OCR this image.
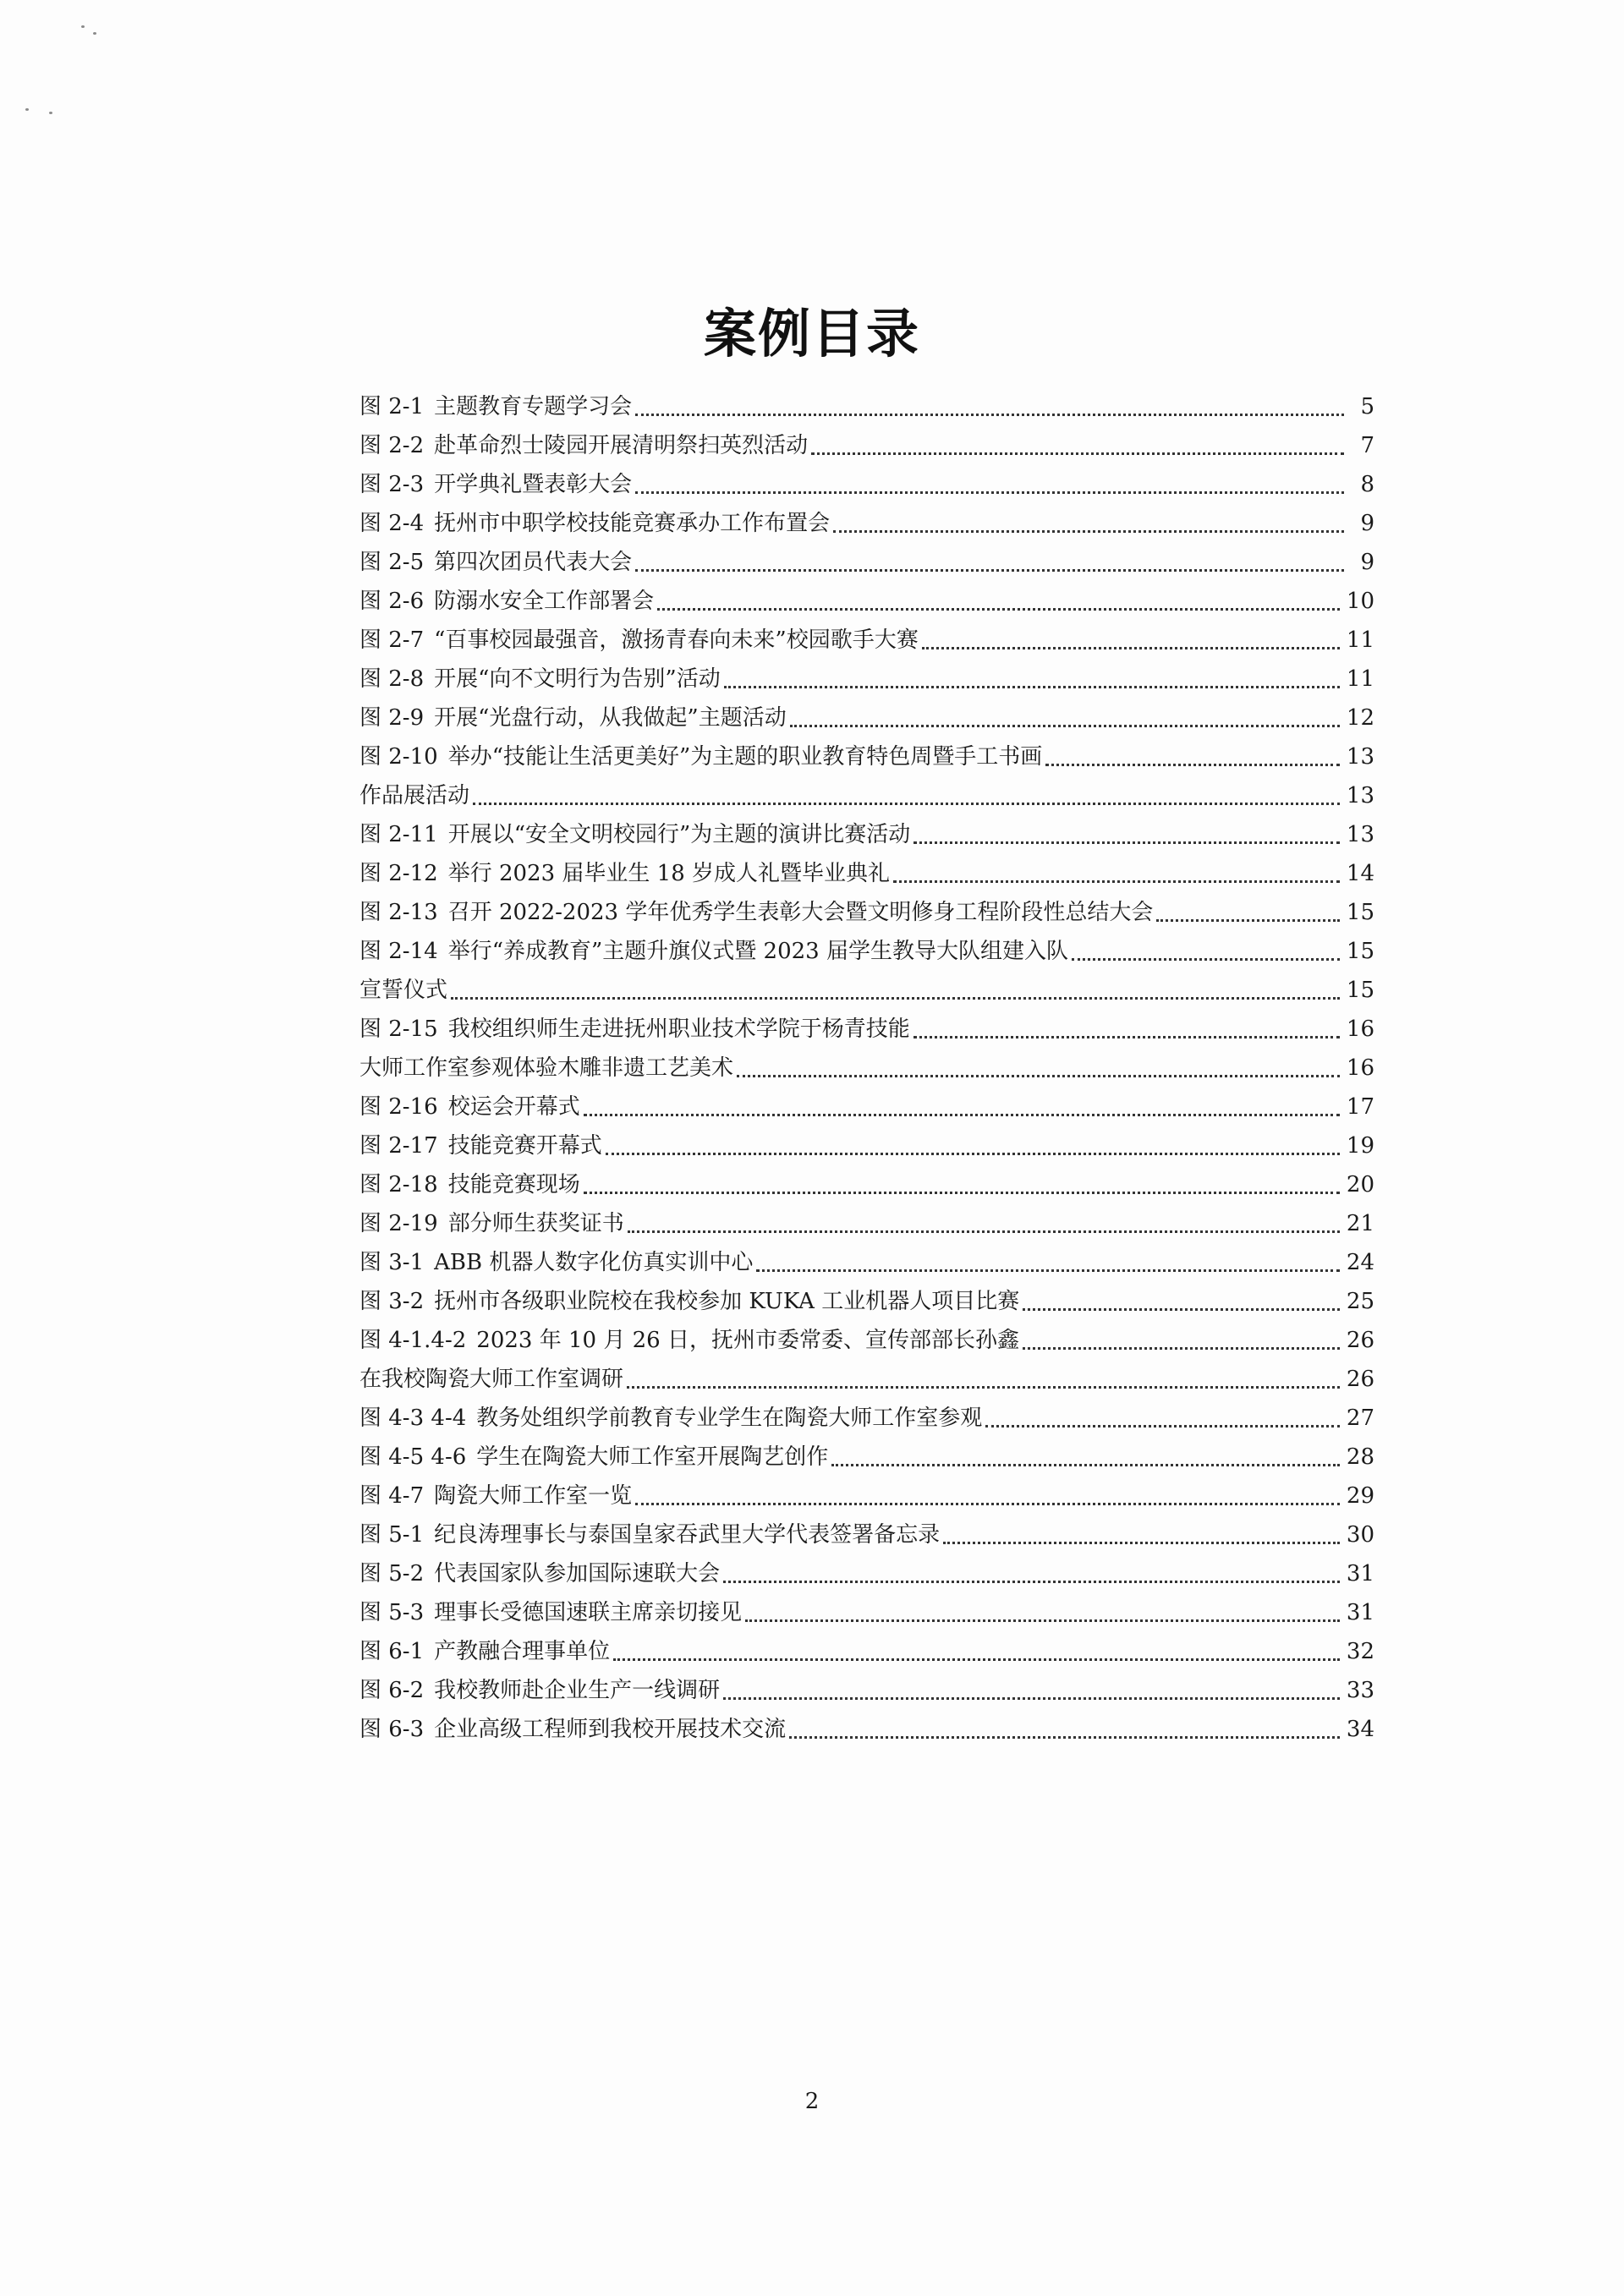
案例目录
图 2-1 主题教育专题学习会	5
图 2-2 赴革命烈士陵园开展清明祭扫英烈活动	7
图 2-3 开学典礼暨表彰大会	8
图 2-4 抚州市中职学校技能竞赛承办工作布置会	9
图 2-5 第四次团员代表大会	9
图 2-6 防溺水安全工作部署会	10
图 2-7 “百事校园最强音，激扬青春向未来”校园歌手大赛	11
图 2-8 开展“向不文明行为告别”活动	11
图 2-9 开展“光盘行动，从我做起”主题活动	12
图 2-10 举办“技能让生活更美好”为主题的职业教育特色周暨手工书画	13
作品展活动	13
图 2-11 开展以“安全文明校园行”为主题的演讲比赛活动	13
图 2-12 举行 2023 届毕业生 18 岁成人礼暨毕业典礼	14
图 2-13 召开 2022-2023 学年优秀学生表彰大会暨文明修身工程阶段性总结大会	15
图 2-14 举行“养成教育”主题升旗仪式暨 2023 届学生教导大队组建入队	15
宣誓仪式	15
图 2-15 我校组织师生走进抚州职业技术学院于杨青技能	16
大师工作室参观体验木雕非遗工艺美术	16
图 2-16 校运会开幕式	17
图 2-17 技能竞赛开幕式	19
图 2-18 技能竞赛现场	20
图 2-19 部分师生获奖证书	21
图 3-1 ABB 机器人数字化仿真实训中心	24
图 3-2 抚州市各级职业院校在我校参加 KUKA 工业机器人项目比赛	25
图 4-1.4-2 2023 年 10 月 26 日，抚州市委常委、宣传部部长孙鑫	26
在我校陶瓷大师工作室调研	26
图 4-3 4-4 教务处组织学前教育专业学生在陶瓷大师工作室参观	27
图 4-5 4-6 学生在陶瓷大师工作室开展陶艺创作	28
图 4-7 陶瓷大师工作室一览	29
图 5-1 纪良涛理事长与泰国皇家吞武里大学代表签署备忘录	30
图 5-2 代表国家队参加国际速联大会	31
图 5-3 理事长受德国速联主席亲切接见	31
图 6-1 产教融合理事单位	32
图 6-2 我校教师赴企业生产一线调研	33
图 6-3 企业高级工程师到我校开展技术交流	34
2
